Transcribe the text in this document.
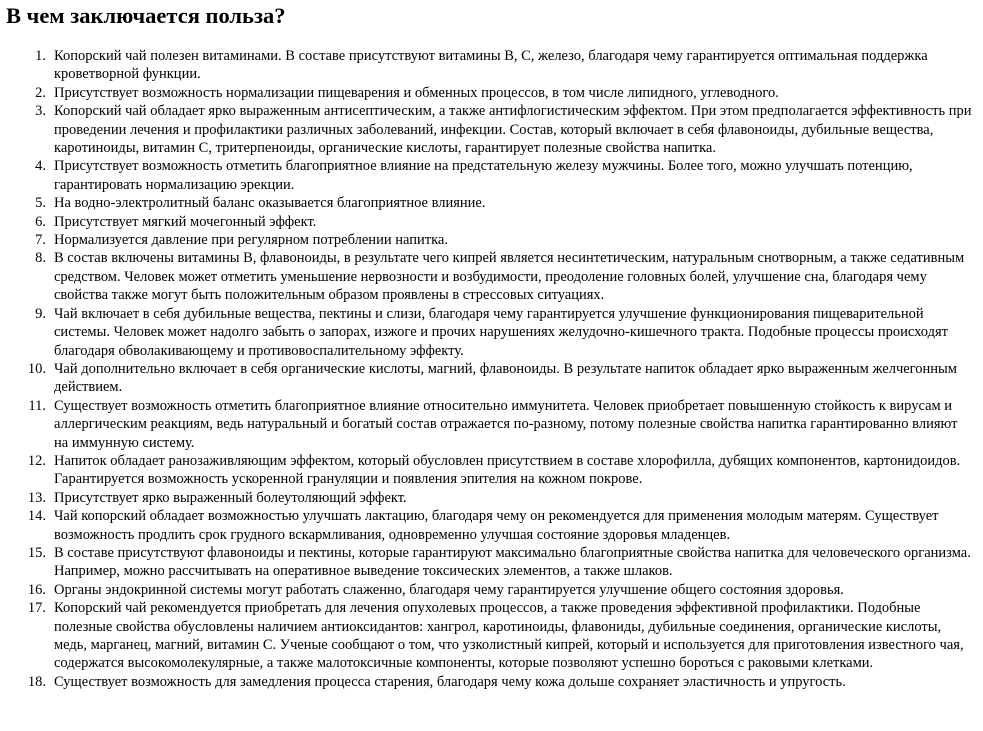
В чем заключается польза?
1. Копорский чай полезен витаминами. В составе присутствуют витамины B, C, железо, благодаря чему гарантируется оптимальная поддержка кроветворной функции.
2. Присутствует возможность нормализации пищеварения и обменных процессов, в том числе липидного, углеводного.
3. Копорский чай обладает ярко выраженным антисептическим, а также антифлогистическим эффектом. При этом предполагается эффективность при проведении лечения и профилактики различных заболеваний, инфекции. Состав, который включает в себя флавоноиды, дубильные вещества, каротиноиды, витамин C, тритерпеноиды, органические кислоты, гарантирует полезные свойства напитка.
4. Присутствует возможность отметить благоприятное влияние на предстательную железу мужчины. Более того, можно улучшать потенцию, гарантировать нормализацию эрекции.
5. На водно-электролитный баланс оказывается благоприятное влияние.
6. Присутствует мягкий мочегонный эффект.
7. Нормализуется давление при регулярном потреблении напитка.
8. В состав включены витамины B, флавоноиды, в результате чего кипрей является несинтетическим, натуральным снотворным, а также седативным средством. Человек может отметить уменьшение нервозности и возбудимости, преодоление головных болей, улучшение сна, благодаря чему свойства также могут быть положительным образом проявлены в стрессовых ситуациях.
9. Чай включает в себя дубильные вещества, пектины и слизи, благодаря чему гарантируется улучшение функционирования пищеварительной системы. Человек может надолго забыть о запорах, изжоге и прочих нарушениях желудочно-кишечного тракта. Подобные процессы происходят благодаря обволакивающему и противовоспалительному эффекту.
10. Чай дополнительно включает в себя органические кислоты, магний, флавоноиды. В результате напиток обладает ярко выраженным желчегонным действием.
11. Существует возможность отметить благоприятное влияние относительно иммунитета. Человек приобретает повышенную стойкость к вирусам и аллергическим реакциям, ведь натуральный и богатый состав отражается по-разному, потому полезные свойства напитка гарантированно влияют на иммунную систему.
12. Напиток обладает ранозаживляющим эффектом, который обусловлен присутствием в составе хлорофилла, дубящих компонентов, картонидоидов. Гарантируется возможность ускоренной грануляции и появления эпителия на кожном покрове.
13. Присутствует ярко выраженный болеутоляющий эффект.
14. Чай копорский обладает возможностью улучшать лактацию, благодаря чему он рекомендуется для применения молодым матерям. Существует возможность продлить срок грудного вскармливания, одновременно улучшая состояние здоровья младенцев.
15. В составе присутствуют флавоноиды и пектины, которые гарантируют максимально благоприятные свойства напитка для человеческого организма. Например, можно рассчитывать на оперативное выведение токсических элементов, а также шлаков.
16. Органы эндокринной системы могут работать слаженно, благодаря чему гарантируется улучшение общего состояния здоровья.
17. Копорский чай рекомендуется приобретать для лечения опухолевых процессов, а также проведения эффективной профилактики. Подобные полезные свойства обусловлены наличием антиоксидантов: хангрол, каротиноиды, флавониды, дубильные соединения, органические кислоты, медь, марганец, магний, витамин C. Ученые сообщают о том, что узколистный кипрей, который и используется для приготовления известного чая, содержатся высокомолекулярные, а также малотоксичные компоненты, которые позволяют успешно бороться с раковыми клетками.
18. Существует возможность для замедления процесса старения, благодаря чему кожа дольше сохраняет эластичность и упругость.
